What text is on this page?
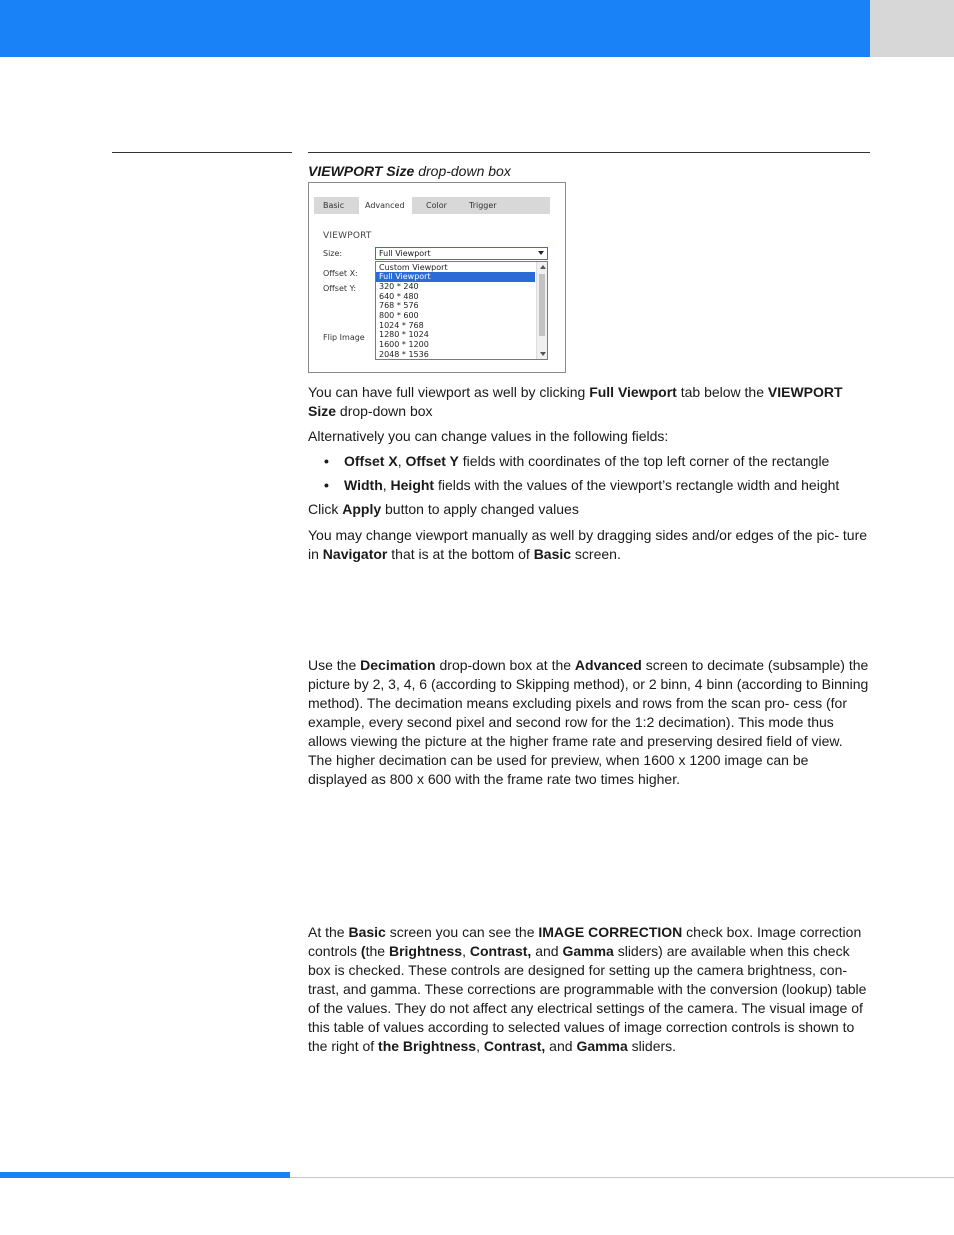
VIEWPORT Size drop-down box
Basic	Advanced	Color	Trigger
VIEWPORT
Size:
Offset X:
Offset Y:
Flip Image
Full Viewport
Custom Viewport
Full Viewport
320 * 240
640 * 480
768 * 576
800 * 600
1024 * 768
1280 * 1024
1600 * 1200
2048 * 1536
You can have full viewport as well by clicking Full Viewport tab below the VIEWPORT Size drop-down box
Alternatively you can change values in the following fields:
• Offset X, Offset Y fields with coordinates of the top left corner of the rectangle
• Width, Height fields with the values of the viewport’s rectangle width and height
Click Apply button to apply changed values
You may change viewport manually as well by dragging sides and/or edges of the pic- ture in Navigator that is at the bottom of Basic screen.
Use the Decimation drop-down box at the Advanced screen to decimate (subsample) the picture by 2, 3, 4, 6 (according to Skipping method), or 2 binn, 4 binn (according to Binning method). The decimation means excluding pixels and rows from the scan pro- cess (for example, every second pixel and second row for the 1:2 decimation). This mode thus allows viewing the picture at the higher frame rate and preserving desired field of view. The higher decimation can be used for preview, when 1600 x 1200 image can be displayed as 800 x 600 with the frame rate two times higher.
At the Basic screen you can see the IMAGE CORRECTION check box. Image correction controls (the Brightness, Contrast, and Gamma sliders) are available when this check box is checked. These controls are designed for setting up the camera brightness, con- trast, and gamma. These corrections are programmable with the conversion (lookup) table of the values. They do not affect any electrical settings of the camera. The visual image of this table of values according to selected values of image correction controls is shown to the right of the Brightness, Contrast, and Gamma sliders.
